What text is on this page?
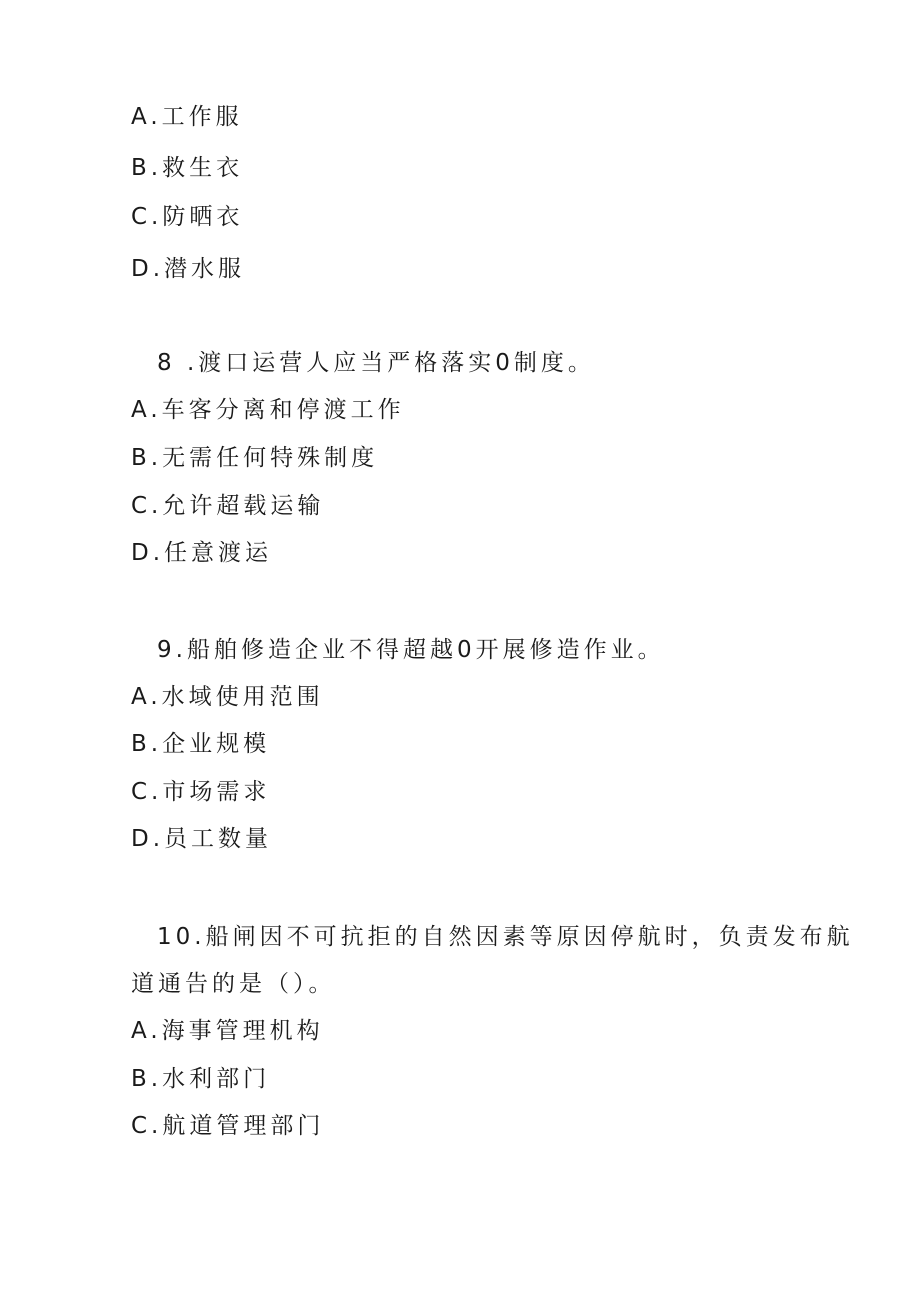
A.工作服
B.救生衣
C.防晒衣
D.潜水服
8 .渡口运营人应当严格落实0制度。
A.车客分离和停渡工作
B.无需任何特殊制度
C.允许超载运输
D.任意渡运
9.船舶修造企业不得超越0开展修造作业。
A.水域使用范围
B.企业规模
C.市场需求
D.员工数量
10.船闸因不可抗拒的自然因素等原因停航时，负责发布航
道通告的是（）。
A.海事管理机构
B.水利部门
C.航道管理部门
